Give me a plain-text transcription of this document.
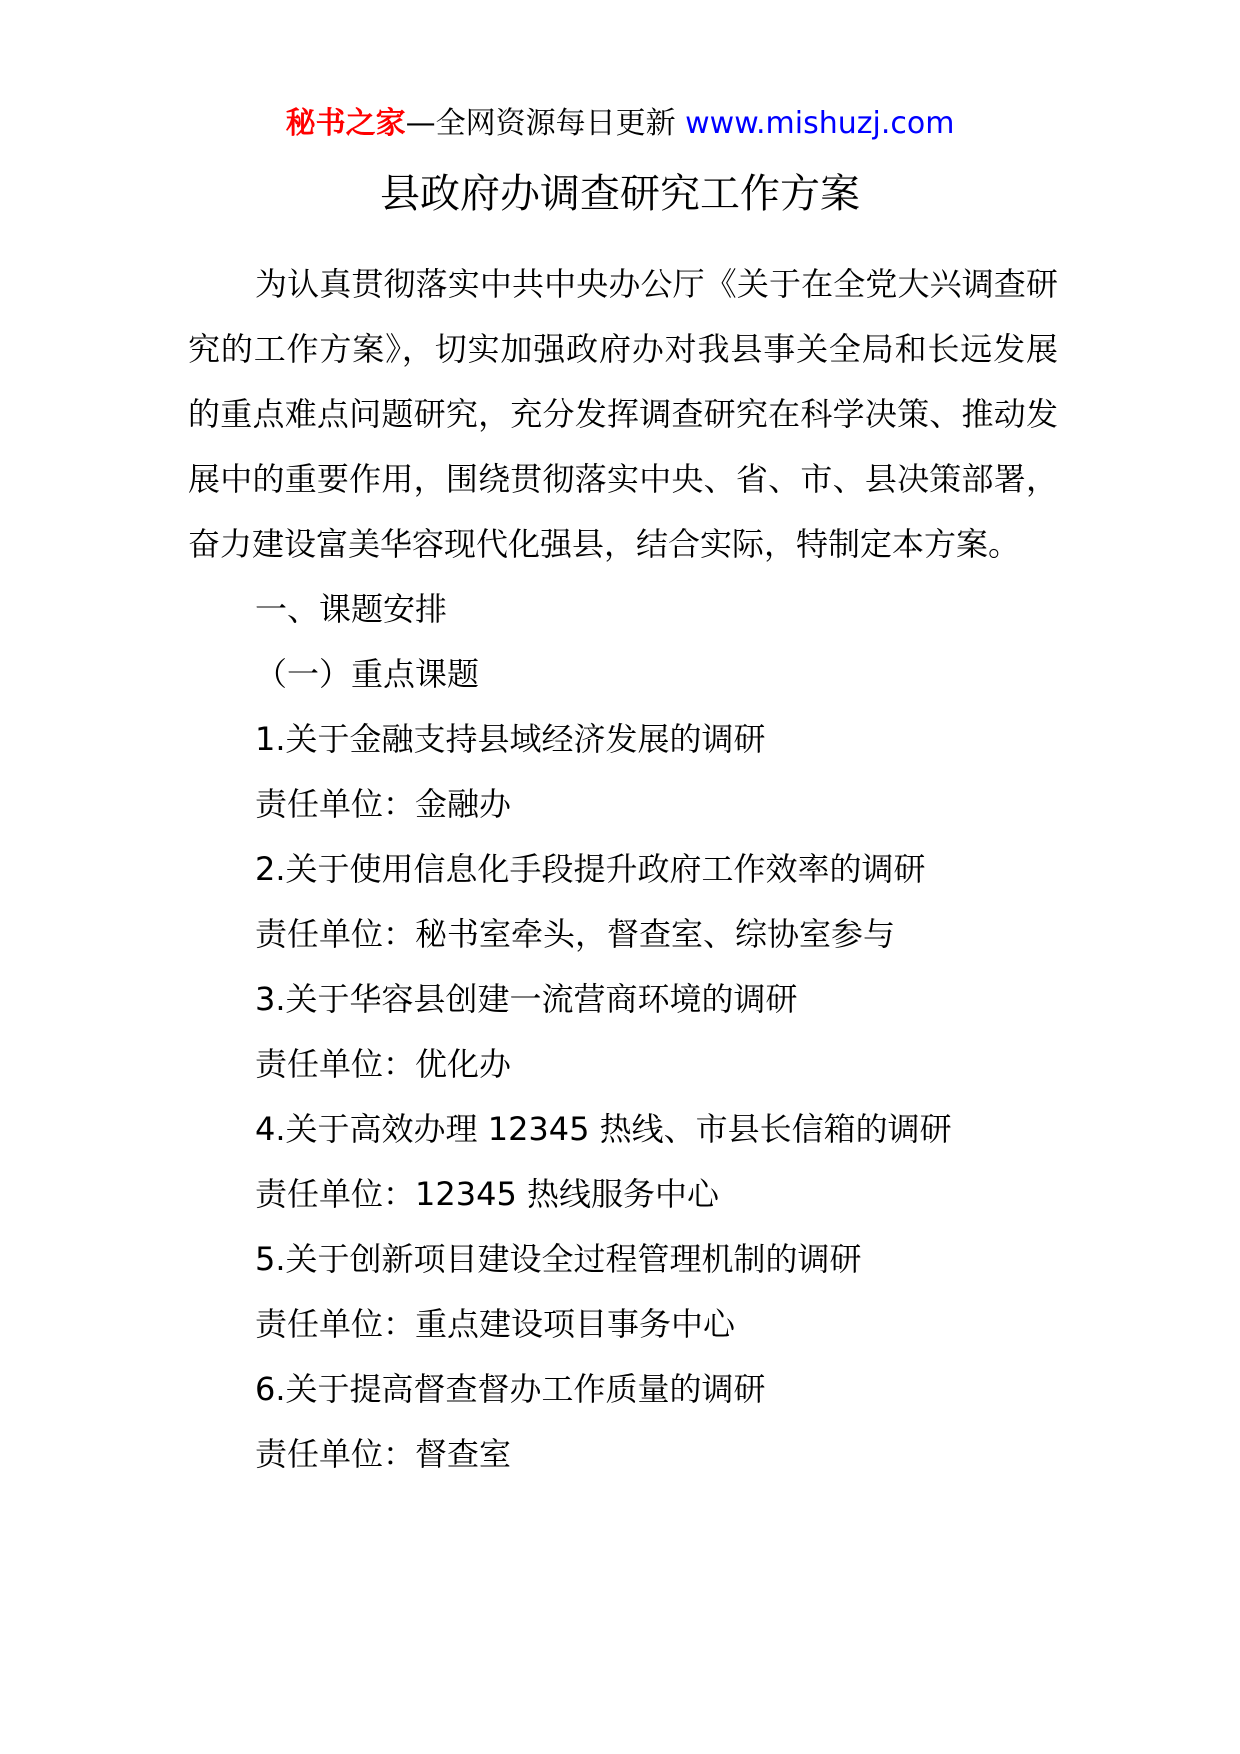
秘书之家—全网资源每日更新 www.mishuzj.com
县政府办调查研究工作方案

为认真贯彻落实中共中央办公厅《关于在全党大兴调查研究的工作方案》，切实加强政府办对我县事关全局和长远发展的重点难点问题研究，充分发挥调查研究在科学决策、推动发展中的重要作用，围绕贯彻落实中央、省、市、县决策部署，奋力建设富美华容现代化强县，结合实际，特制定本方案。

一、课题安排
（一）重点课题
1.关于金融支持县域经济发展的调研
责任单位：金融办
2.关于使用信息化手段提升政府工作效率的调研
责任单位：秘书室牵头，督查室、综协室参与
3.关于华容县创建一流营商环境的调研
责任单位：优化办
4.关于高效办理 12345 热线、市县长信箱的调研
责任单位：12345 热线服务中心
5.关于创新项目建设全过程管理机制的调研
责任单位：重点建设项目事务中心
6.关于提高督查督办工作质量的调研
责任单位：督查室
